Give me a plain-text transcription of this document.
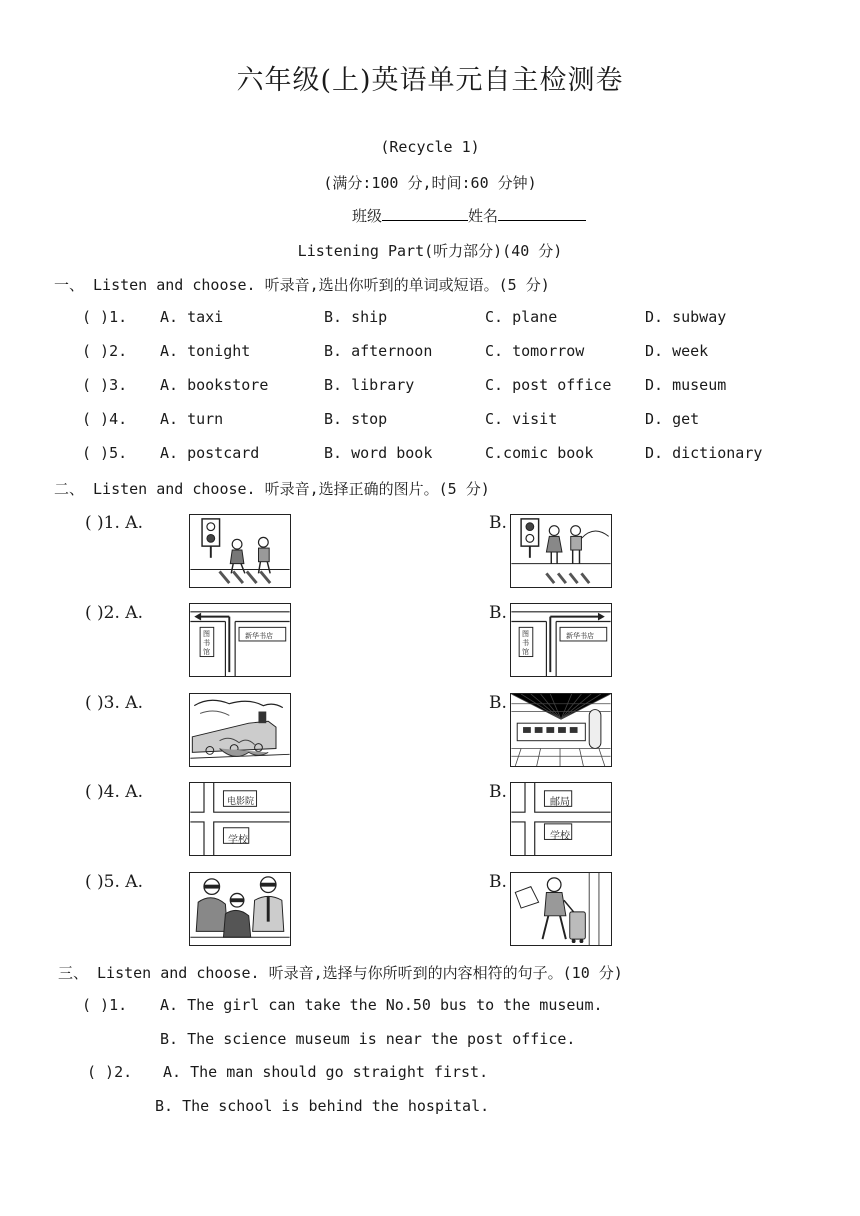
六年级(上)英语单元自主检测卷
(Recycle 1)
(满分:100 分,时间:60 分钟)
班级	姓名
Listening Part(听力部分)(40 分)
一、 Listen and choose. 听录音,选出你听到的单词或短语。(5 分)
( )1. A. taxi	B. ship	C. plane	D. subway
( )2. A. tonight	B. afternoon	C. tomorrow	D. week
( )3. A. bookstore	B. library	C. post office D. museum
( )4. A. turn	B. stop	C. visit	D. get
( )5. A. postcard	B. word book	C.comic book	D. dictionary
二、 Listen and choose. 听录音,选择正确的图片。(5 分)
( )1. A.	B.
( )2. A.
图书馆
新华书店
B.
图书馆
新华书店
( )3. A.	B.
( )4. A.	电影院
学校
B.
邮局
学校
( )5. A.	B.
三、 Listen and choose. 听录音,选择与你所听到的内容相符的句子。(10 分)
( )1. A. The girl can take the No.50 bus to the museum.
B. The science museum is near the post office.
( )2. A. The man should go straight first.
B. The school is behind the hospital.
